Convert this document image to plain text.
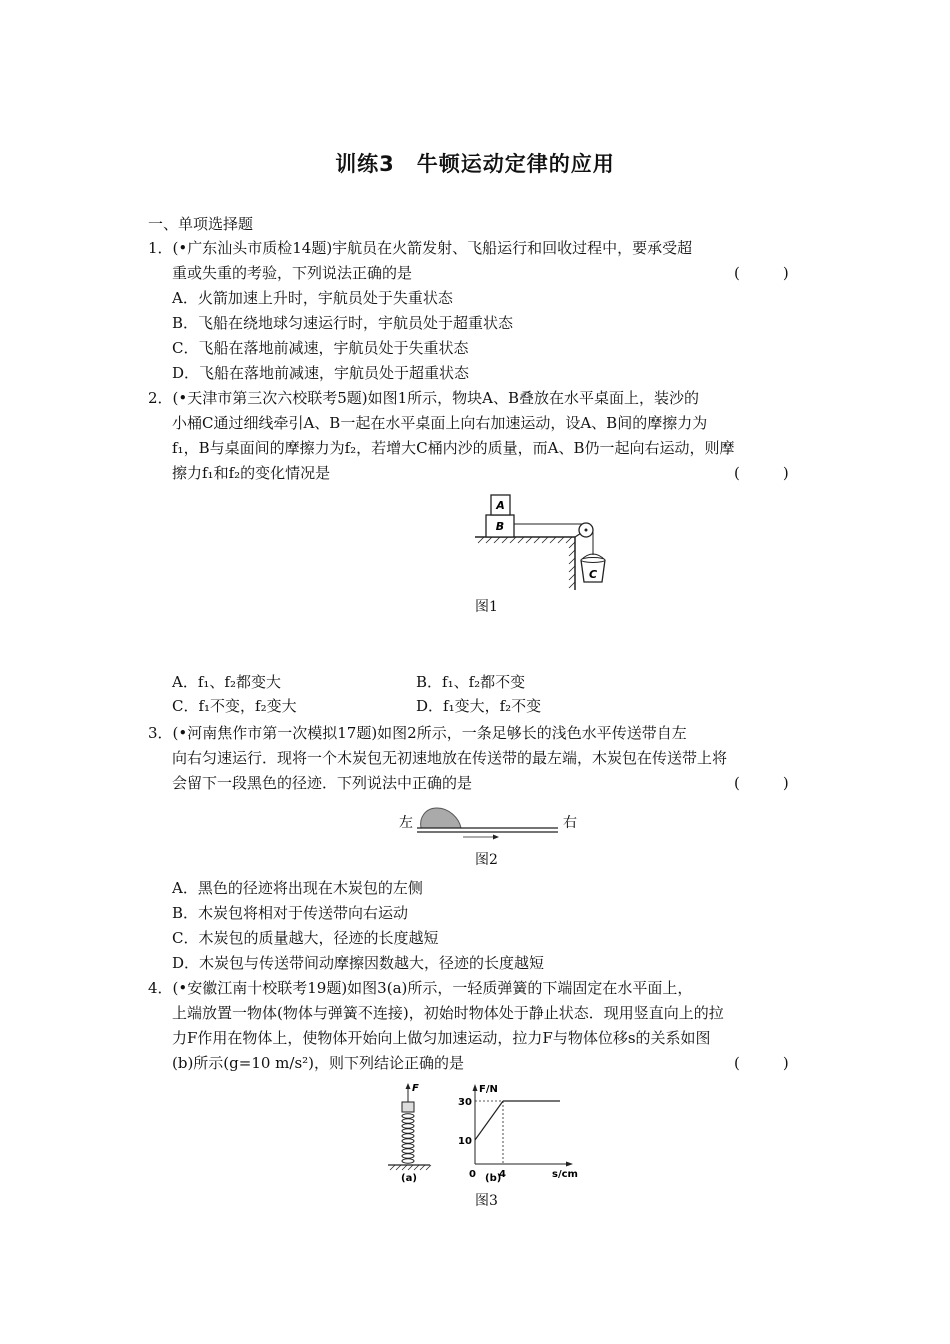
训练3　牛顿运动定律的应用
一、单项选择题
1．(•广东汕头市质检14题)宇航员在火箭发射、飞船运行和回收过程中，要承受超
重或失重的考验，下列说法正确的是	(　)
A．火箭加速上升时，宇航员处于失重状态
B．飞船在绕地球匀速运行时，宇航员处于超重状态
C．飞船在落地前减速，宇航员处于失重状态
D．飞船在落地前减速，宇航员处于超重状态
2．(•天津市第三次六校联考5题)如图1所示，物块A、B叠放在水平桌面上，装沙的
小桶C通过细线牵引A、B一起在水平桌面上向右加速运动，设A、B间的摩擦力为
f₁，B与桌面间的摩擦力为f₂，若增大C桶内沙的质量，而A、B仍一起向右运动，则摩
擦力f₁和f₂的变化情况是	(　)
A
B
C
图1
A．f₁、f₂都变大	B．f₁、f₂都不变
C．f₁不变，f₂变大	D．f₁变大，f₂不变
3．(•河南焦作市第一次模拟17题)如图2所示，一条足够长的浅色水平传送带自左
向右匀速运行．现将一个木炭包无初速地放在传送带的最左端，木炭包在传送带上将
会留下一段黑色的径迹．下列说法中正确的是	(　)
左	右
图2
A．黑色的径迹将出现在木炭包的左侧
B．木炭包将相对于传送带向右运动
C．木炭包的质量越大，径迹的长度越短
D．木炭包与传送带间动摩擦因数越大，径迹的长度越短
4．(•安徽江南十校联考19题)如图3(a)所示，一轻质弹簧的下端固定在水平面上，
上端放置一物体(物体与弹簧不连接)，初始时物体处于静止状态．现用竖直向上的拉
力F作用在物体上，使物体开始向上做匀加速运动，拉力F与物体位移s的关系如图
(b)所示(g=10 m/s²)，则下列结论正确的是	(　)
F
(a)
F/N
s/cm
30
10
0 4
(b)
图3
